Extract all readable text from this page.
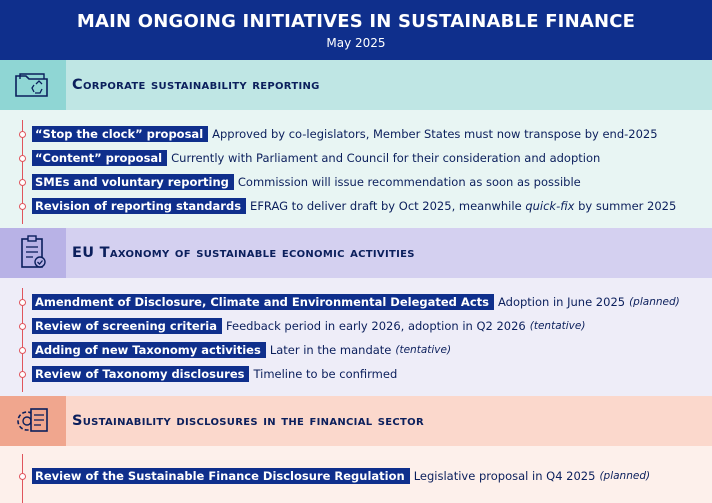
MAIN ONGOING INITIATIVES IN SUSTAINABLE FINANCE
May 2025
Corporate sustainability reporting
“Stop the clock” proposal Approved by co-legislators, Member States must now transpose by end-2025
“Content” proposal Currently with Parliament and Council for their consideration and adoption
SMEs and voluntary reporting Commission will issue recommendation as soon as possible
Revision of reporting standards EFRAG to deliver draft by Oct 2025, meanwhile quick-fix by summer 2025
EU Taxonomy of sustainable economic activities
Amendment of Disclosure, Climate and Environmental Delegated Acts Adoption in June 2025 (planned)
Review of screening criteria Feedback period in early 2026, adoption in Q2 2026 (tentative)
Adding of new Taxonomy activities Later in the mandate (tentative)
Review of Taxonomy disclosures Timeline to be confirmed
Sustainability disclosures in the financial sector
Review of the Sustainable Finance Disclosure Regulation Legislative proposal in Q4 2025 (planned)
